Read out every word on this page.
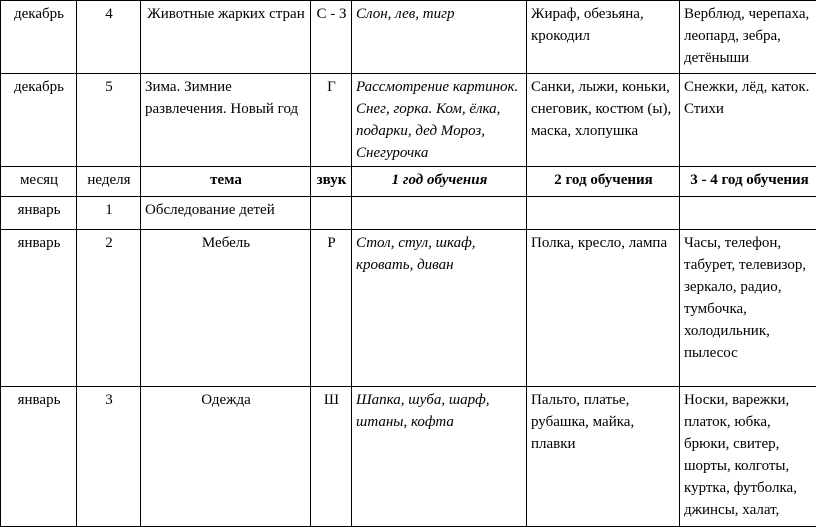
декабрь	4	Животные жарких стран	С - З	Слон, лев, тигр	Жираф, обезьяна, крокодил	Верблюд, черепаха, леопард, зебра, детёныши
декабрь	5	Зима. Зимние развлечения. Новый год	Г	Рассмотрение картинок. Снег, горка. Ком, ёлка, подарки, дед Мороз, Снегурочка	Санки, лыжи, коньки, снеговик, костюм (ы), маска, хлопушка	Снежки, лёд, каток. Стихи
месяц	неделя	тема	звук	1 год обучения	2 год обучения	3 - 4 год обучения
январь	1	Обследование детей				
январь	2	Мебель	Р	Стол, стул, шкаф, кровать, диван	Полка, кресло, лампа	Часы, телефон, табурет, телевизор, зеркало, радио, тумбочка, холодильник, пылесос
январь	3	Одежда	Ш	Шапка, шуба, шарф, штаны, кофта	Пальто, платье, рубашка, майка, плавки	Носки, варежки, платок, юбка, брюки, свитер, шорты, колготы, куртка, футболка, джинсы, халат,
